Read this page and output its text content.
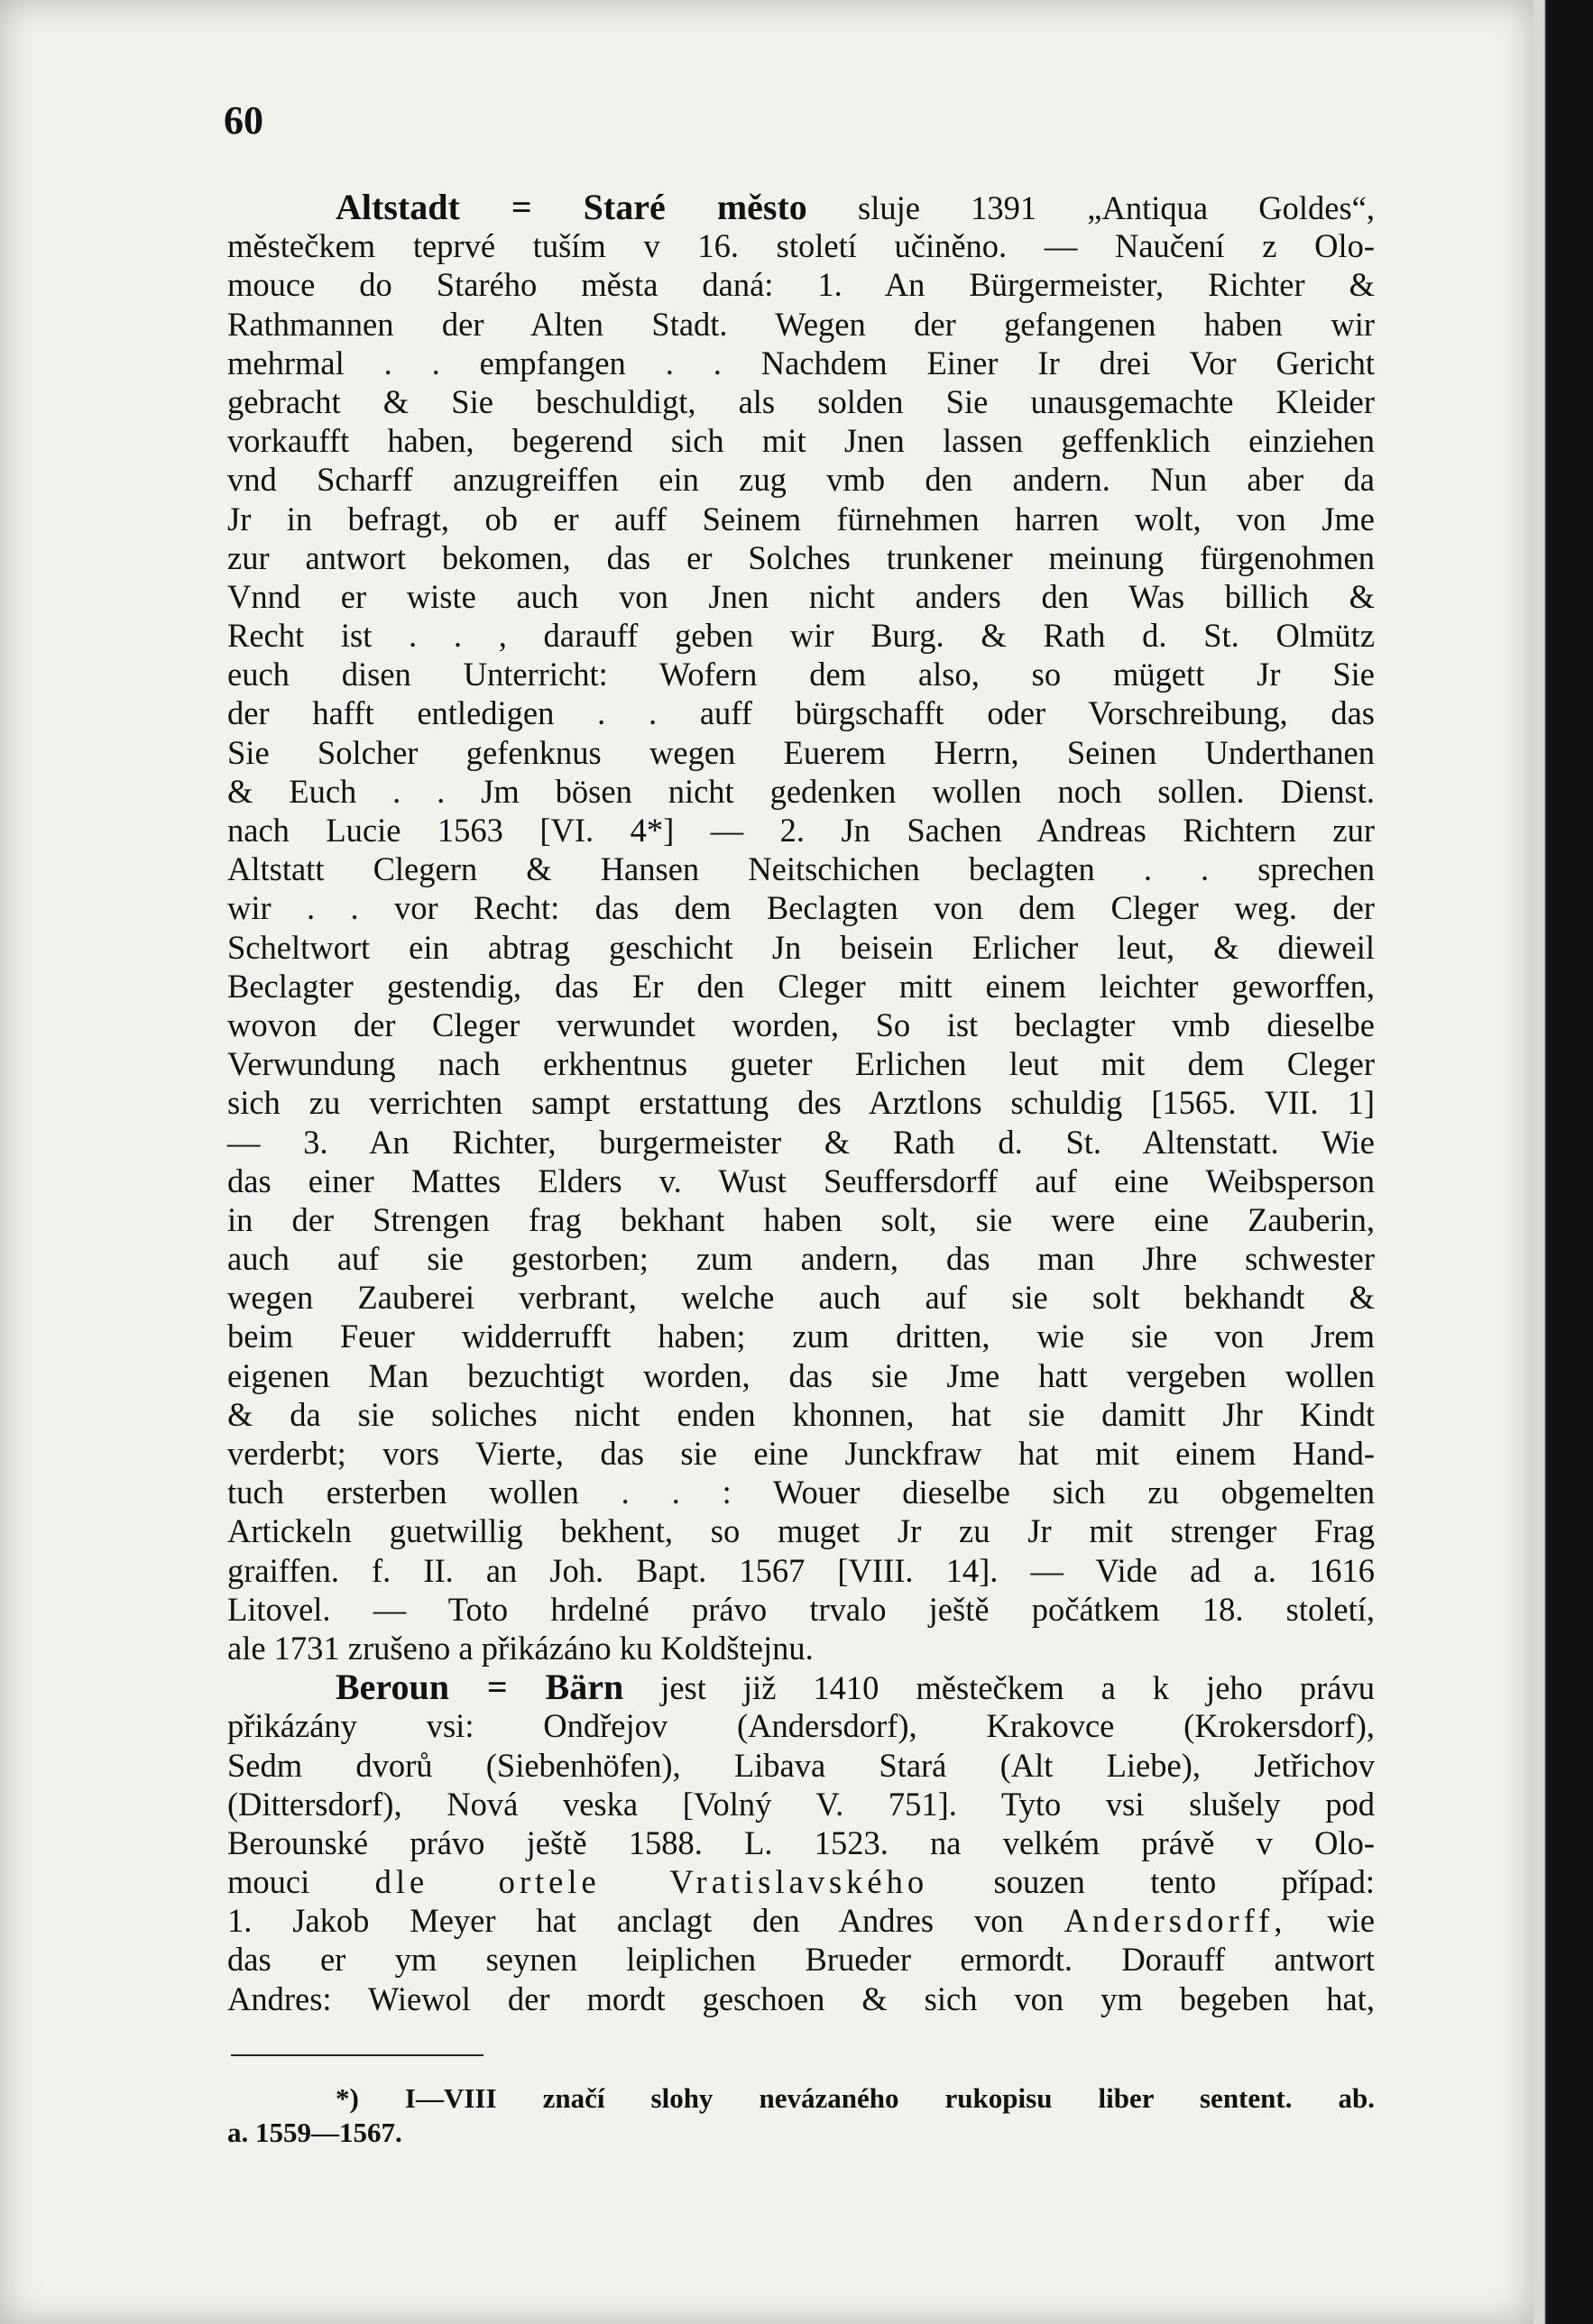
60
Altstadt = Staré město sluje 1391 „Antiqua Goldes“,
městečkem teprvé tuším v 16. století učiněno. — Naučení z Olo-
mouce do Starého města daná: 1. An Bürgermeister, Richter &
Rathmannen der Alten Stadt. Wegen der gefangenen haben wir
mehrmal . . empfangen . . Nachdem Einer Ir drei Vor Gericht
gebracht & Sie beschuldigt, als solden Sie unausgemachte Kleider
vorkaufft haben, begerend sich mit Jnen lassen geffenklich einziehen
vnd Scharff anzugreiffen ein zug vmb den andern. Nun aber da
Jr in befragt, ob er auff Seinem fürnehmen harren wolt, von Jme
zur antwort bekomen, das er Solches trunkener meinung fürgenohmen
Vnnd er wiste auch von Jnen nicht anders den Was billich &
Recht ist . . , darauff geben wir Burg. & Rath d. St. Olmütz
euch disen Unterricht: Wofern dem also, so mügett Jr Sie
der hafft entledigen . . auff bürgschafft oder Vorschreibung, das
Sie Solcher gefenknus wegen Euerem Herrn, Seinen Underthanen
& Euch . . Jm bösen nicht gedenken wollen noch sollen. Dienst.
nach Lucie 1563 [VI. 4*] — 2. Jn Sachen Andreas Richtern zur
Altstatt Clegern & Hansen Neitschichen beclagten . . sprechen
wir . . vor Recht: das dem Beclagten von dem Cleger weg. der
Scheltwort ein abtrag geschicht Jn beisein Erlicher leut, & dieweil
Beclagter gestendig, das Er den Cleger mitt einem leichter geworffen,
wovon der Cleger verwundet worden, So ist beclagter vmb dieselbe
Verwundung nach erkhentnus gueter Erlichen leut mit dem Cleger
sich zu verrichten sampt erstattung des Arztlons schuldig [1565. VII. 1]
— 3. An Richter, burgermeister & Rath d. St. Altenstatt. Wie
das einer Mattes Elders v. Wust Seuffersdorff auf eine Weibsperson
in der Strengen frag bekhant haben solt, sie were eine Zauberin,
auch auf sie gestorben; zum andern, das man Jhre schwester
wegen Zauberei verbrant, welche auch auf sie solt bekhandt &
beim Feuer widderrufft haben; zum dritten, wie sie von Jrem
eigenen Man bezuchtigt worden, das sie Jme hatt vergeben wollen
& da sie soliches nicht enden khonnen, hat sie damitt Jhr Kindt
verderbt; vors Vierte, das sie eine Junckfraw hat mit einem Hand-
tuch ersterben wollen . . : Wouer dieselbe sich zu obgemelten
Artickeln guetwillig bekhent, so muget Jr zu Jr mit strenger Frag
graiffen. f. II. an Joh. Bapt. 1567 [VIII. 14]. — Vide ad a. 1616
Litovel. — Toto hrdelné právo trvalo ještě počátkem 18. století,
ale 1731 zrušeno a přikázáno ku Koldštejnu.
Beroun = Bärn jest již 1410 městečkem a k jeho právu
přikázány vsi: Ondřejov (Andersdorf), Krakovce (Krokersdorf),
Sedm dvorů (Siebenhöfen), Libava Stará (Alt Liebe), Jetřichov
(Dittersdorf), Nová veska [Volný V. 751]. Tyto vsi slušely pod
Berounské právo ještě 1588. L. 1523. na velkém právě v Olo-
mouci dle ortele Vratislavského souzen tento případ:
1. Jakob Meyer hat anclagt den Andres von Andersdorff, wie
das er ym seynen leiplichen Brueder ermordt. Dorauff antwort
Andres: Wiewol der mordt geschoen & sich von ym begeben hat,
*) I—VIII značí slohy nevázaného rukopisu liber sentent. ab.
a. 1559—1567.
